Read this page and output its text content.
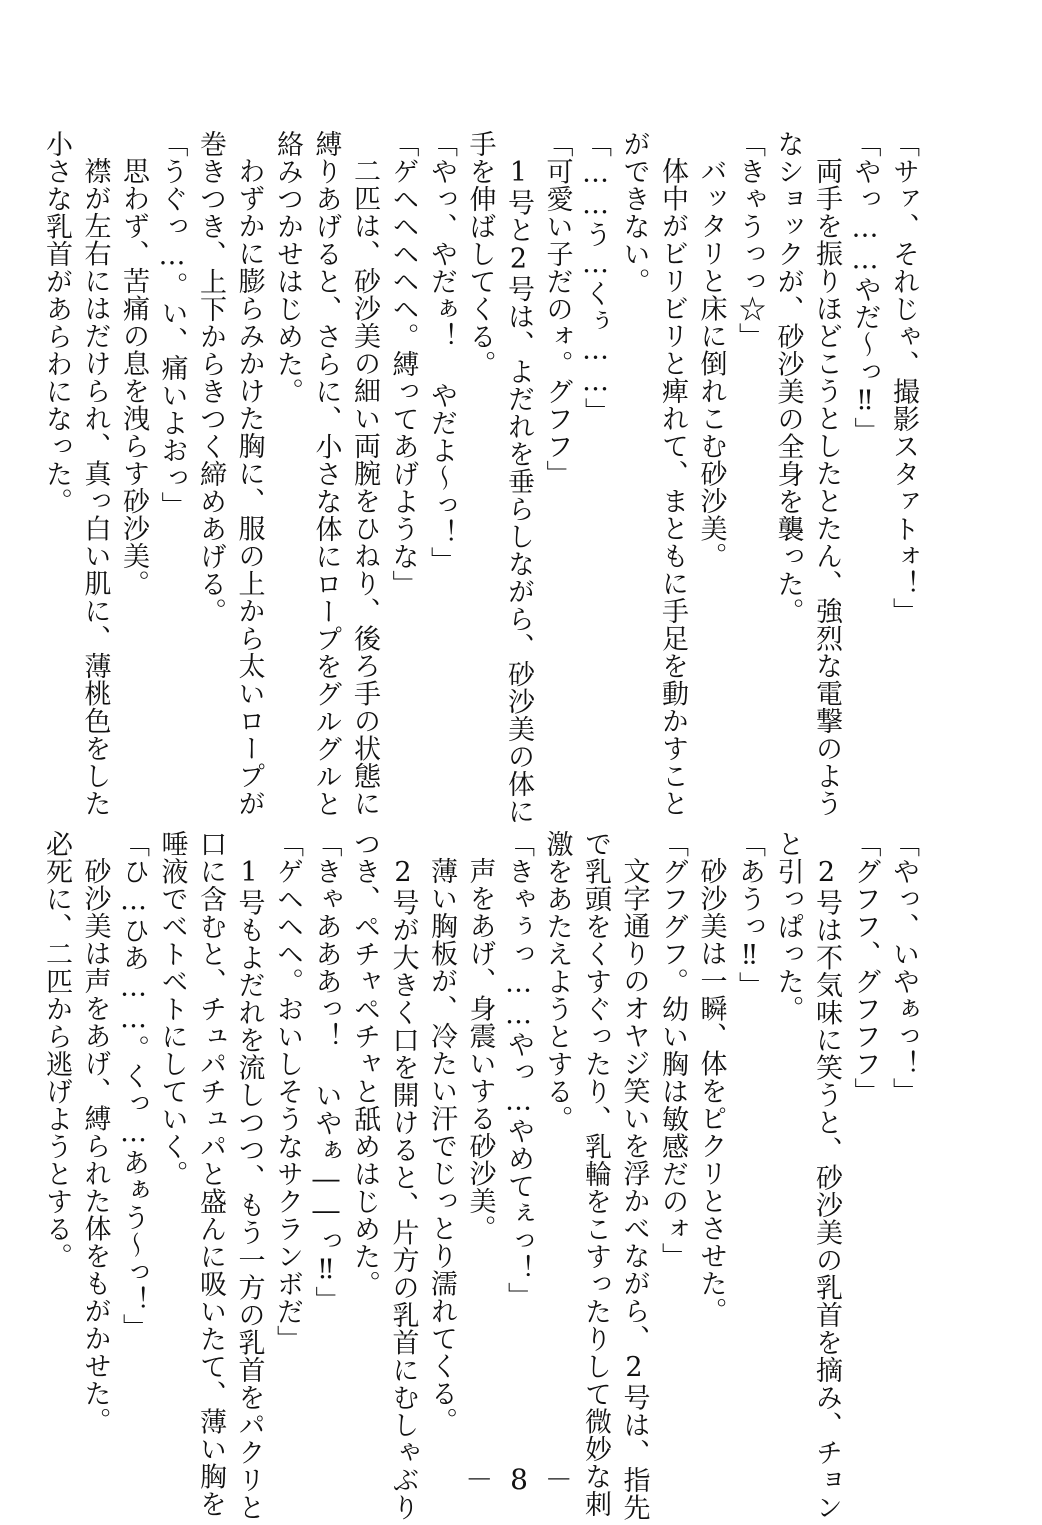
「サァ、それじゃ、撮影スタァトォ！」

「やっ……やだ～っ‼」

両手を振りほどこうとしたとたん、強烈な電撃のよう

なショックが、砂沙美の全身を襲った。

「きゃうっっ☆」

バッタリと床に倒れこむ砂沙美。

体中がビリビリと痺れて、まともに手足を動かすこと

ができない。

「……う…くぅ……」

「可愛い子だのォ。グフフ」

1号と2号は、よだれを垂らしながら、砂沙美の体に

手を伸ばしてくる。

「やっ、やだぁ！ やだよ～っ！」

「ゲヘヘヘヘヘ。縛ってあげような」

二匹は、砂沙美の細い両腕をひねり、後ろ手の状態に

縛りあげると、さらに、小さな体にロープをグルグルと

絡みつかせはじめた。

わずかに膨らみかけた胸に、服の上から太いロープが

巻きつき、上下からきつく締めあげる。

「うぐっ…。い、痛いよおっ」

思わず、苦痛の息を洩らす砂沙美。

襟が左右にはだけられ、真っ白い肌に、薄桃色をした

小さな乳首があらわになった。

「やっ、いやぁっ！」

「グフフ、グフフフ」

2号は不気味に笑うと、砂沙美の乳首を摘み、チョン

と引っぱった。

「あうっ‼」

砂沙美は一瞬、体をピクリとさせた。

「グフグフ。幼い胸は敏感だのォ」

文字通りのオヤジ笑いを浮かべながら、2号は、指先

で乳頭をくすぐったり、乳輪をこすったりして微妙な刺

激をあたえようとする。

「きゃぅっ……やっ…やめてぇっ！」

声をあげ、身震いする砂沙美。

薄い胸板が、冷たい汗でじっとり濡れてくる。

2号が大きく口を開けると、片方の乳首にむしゃぶり

つき、ペチャペチャと舐めはじめた。

「きゃあああっ！ いやぁ――っ‼」

「ゲヘヘヘ。おいしそうなサクランボだ」

1号もよだれを流しつつ、もう一方の乳首をパクリと

口に含むと、チュパチュパと盛んに吸いたて、薄い胸を

唾液でベトベトにしていく。

「ひ…ひあ……。くっ…あぁう～っ！」

砂沙美は声をあげ、縛られた体をもがかせた。

必死に、二匹から逃げようとする。

－ 8 －
